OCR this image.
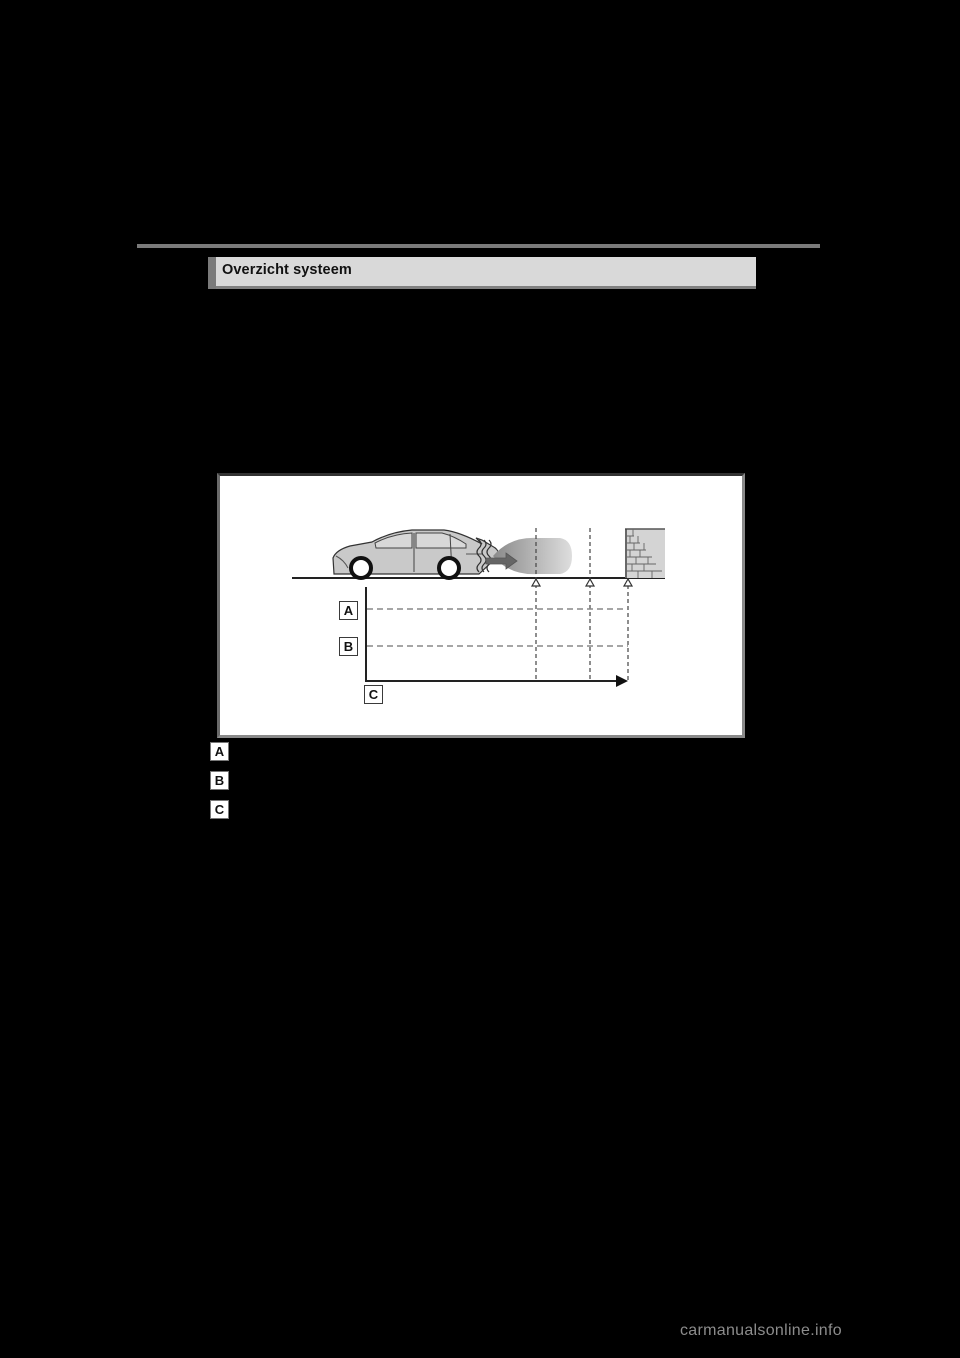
Overzicht systeem
A
B
C
A
B
C
carmanualsonline.info
